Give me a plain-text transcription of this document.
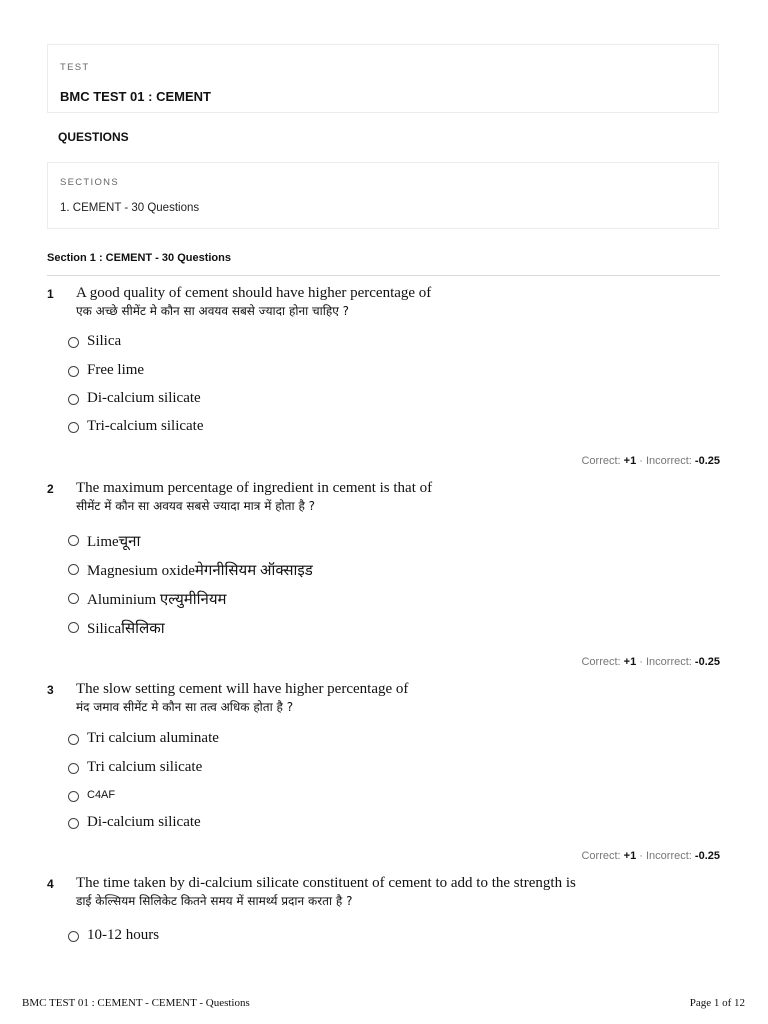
TEST
BMC TEST 01 : CEMENT
QUESTIONS
SECTIONS
1. CEMENT - 30 Questions
Section 1 : CEMENT - 30 Questions
1 A good quality of cement should have higher percentage of
एक अच्छे सीमेंट मे कौन सा अवयव सबसे ज्यादा होना चाहिए ?
Silica
Free lime
Di-calcium silicate
Tri-calcium silicate
Correct: +1 · Incorrect: -0.25
2 The maximum percentage of ingredient in cement is that of
सीमेंट में कौन सा अवयव सबसे ज्यादा मात्र में होता है ?
Limeचूना
Magnesium oxideमेगनीसियम ऑक्साइड
Aluminium एल्युमीनियम
Silicaसिलिका
Correct: +1 · Incorrect: -0.25
3 The slow setting cement will have higher percentage of
मंद जमाव सीमेंट मे कौन सा तत्व अधिक होता है ?
Tri calcium aluminate
Tri calcium silicate
C4AF
Di-calcium silicate
Correct: +1 · Incorrect: -0.25
4 The time taken by di-calcium silicate constituent of cement to add to the strength is
डाई केल्सियम सिलिकेट कितने समय में सामर्थ्य प्रदान करता है ?
10-12 hours
BMC TEST 01 : CEMENT - CEMENT - Questions	Page 1 of 12
